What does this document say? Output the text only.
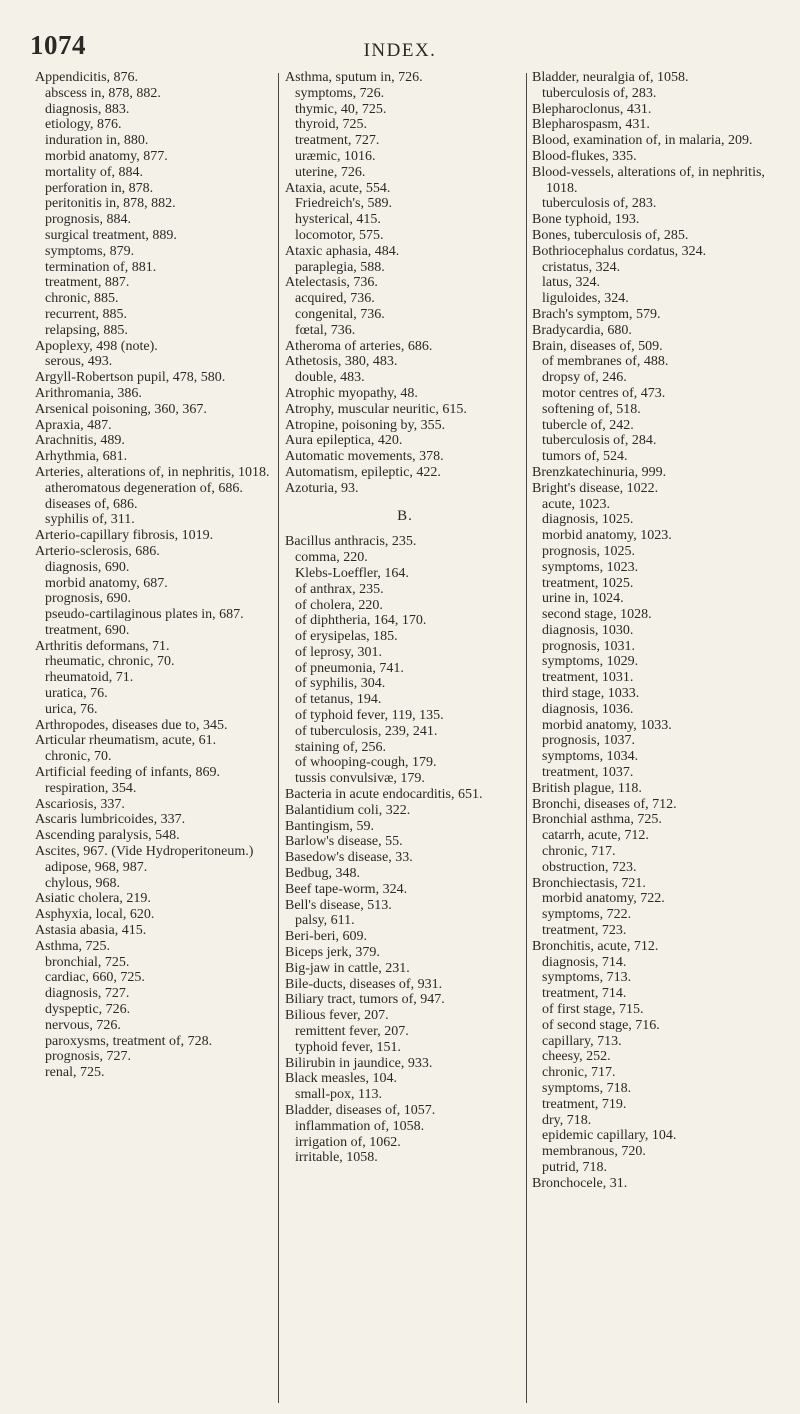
1074	INDEX.
Appendicitis, 876.
abscess in, 878, 882.
diagnosis, 883.
etiology, 876.
induration in, 880.
morbid anatomy, 877.
mortality of, 884.
perforation in, 878.
peritonitis in, 878, 882.
prognosis, 884.
surgical treatment, 889.
symptoms, 879.
termination of, 881.
treatment, 887.
chronic, 885.
recurrent, 885.
relapsing, 885.
Apoplexy, 498 (note).
serous, 493.
Argyll-Robertson pupil, 478, 580.
Arithromania, 386.
Arsenical poisoning, 360, 367.
Apraxia, 487.
Arachnitis, 489.
Arhythmia, 681.
Arteries, alterations of, in nephritis, 1018.
atheromatous degeneration of, 686.
diseases of, 686.
syphilis of, 311.
Arterio-capillary fibrosis, 1019.
Arterio-sclerosis, 686.
diagnosis, 690.
morbid anatomy, 687.
prognosis, 690.
pseudo-cartilaginous plates in, 687.
treatment, 690.
Arthritis deformans, 71.
rheumatic, chronic, 70.
rheumatoid, 71.
uratica, 76.
urica, 76.
Arthropodes, diseases due to, 345.
Articular rheumatism, acute, 61.
chronic, 70.
Artificial feeding of infants, 869.
respiration, 354.
Ascariosis, 337.
Ascaris lumbricoides, 337.
Ascending paralysis, 548.
Ascites, 967. (Vide Hydroperitoneum.)
adipose, 968, 987.
chylous, 968.
Asiatic cholera, 219.
Asphyxia, local, 620.
Astasia abasia, 415.
Asthma, 725.
bronchial, 725.
cardiac, 660, 725.
diagnosis, 727.
dyspeptic, 726.
nervous, 726.
paroxysms, treatment of, 728.
prognosis, 727.
renal, 725.
Asthma, sputum in, 726.
symptoms, 726.
thymic, 40, 725.
thyroid, 725.
treatment, 727.
uræmic, 1016.
uterine, 726.
Ataxia, acute, 554.
Friedreich's, 589.
hysterical, 415.
locomotor, 575.
Ataxic aphasia, 484.
paraplegia, 588.
Atelectasis, 736.
acquired, 736.
congenital, 736.
fœtal, 736.
Atheroma of arteries, 686.
Athetosis, 380, 483.
double, 483.
Atrophic myopathy, 48.
Atrophy, muscular neuritic, 615.
Atropine, poisoning by, 355.
Aura epileptica, 420.
Automatic movements, 378.
Automatism, epileptic, 422.
Azoturia, 93.
B.
Bacillus anthracis, 235.
comma, 220.
Klebs-Loeffler, 164.
of anthrax, 235.
of cholera, 220.
of diphtheria, 164, 170.
of erysipelas, 185.
of leprosy, 301.
of pneumonia, 741.
of syphilis, 304.
of tetanus, 194.
of typhoid fever, 119, 135.
of tuberculosis, 239, 241.
staining of, 256.
of whooping-cough, 179.
tussis convulsivæ, 179.
Bacteria in acute endocarditis, 651.
Balantidium coli, 322.
Bantingism, 59.
Barlow's disease, 55.
Basedow's disease, 33.
Bedbug, 348.
Beef tape-worm, 324.
Bell's disease, 513.
palsy, 611.
Beri-beri, 609.
Biceps jerk, 379.
Big-jaw in cattle, 231.
Bile-ducts, diseases of, 931.
Biliary tract, tumors of, 947.
Bilious fever, 207.
remittent fever, 207.
typhoid fever, 151.
Bilirubin in jaundice, 933.
Black measles, 104.
small-pox, 113.
Bladder, diseases of, 1057.
inflammation of, 1058.
irrigation of, 1062.
irritable, 1058.
Bladder, neuralgia of, 1058.
tuberculosis of, 283.
Blepharoclonus, 431.
Blepharospasm, 431.
Blood, examination of, in malaria, 209.
Blood-flukes, 335.
Blood-vessels, alterations of, in nephritis, 1018.
tuberculosis of, 283.
Bone typhoid, 193.
Bones, tuberculosis of, 285.
Bothriocephalus cordatus, 324.
cristatus, 324.
latus, 324.
liguloides, 324.
Brach's symptom, 579.
Bradycardia, 680.
Brain, diseases of, 509.
of membranes of, 488.
dropsy of, 246.
motor centres of, 473.
softening of, 518.
tubercle of, 242.
tuberculosis of, 284.
tumors of, 524.
Brenzkatechinuria, 999.
Bright's disease, 1022.
acute, 1023.
diagnosis, 1025.
morbid anatomy, 1023.
prognosis, 1025.
symptoms, 1023.
treatment, 1025.
urine in, 1024.
second stage, 1028.
diagnosis, 1030.
prognosis, 1031.
symptoms, 1029.
treatment, 1031.
third stage, 1033.
diagnosis, 1036.
morbid anatomy, 1033.
prognosis, 1037.
symptoms, 1034.
treatment, 1037.
British plague, 118.
Bronchi, diseases of, 712.
Bronchial asthma, 725.
catarrh, acute, 712.
chronic, 717.
obstruction, 723.
Bronchiectasis, 721.
morbid anatomy, 722.
symptoms, 722.
treatment, 723.
Bronchitis, acute, 712.
diagnosis, 714.
symptoms, 713.
treatment, 714.
of first stage, 715.
of second stage, 716.
capillary, 713.
cheesy, 252.
chronic, 717.
symptoms, 718.
treatment, 719.
dry, 718.
epidemic capillary, 104.
membranous, 720.
putrid, 718.
Bronchocele, 31.
